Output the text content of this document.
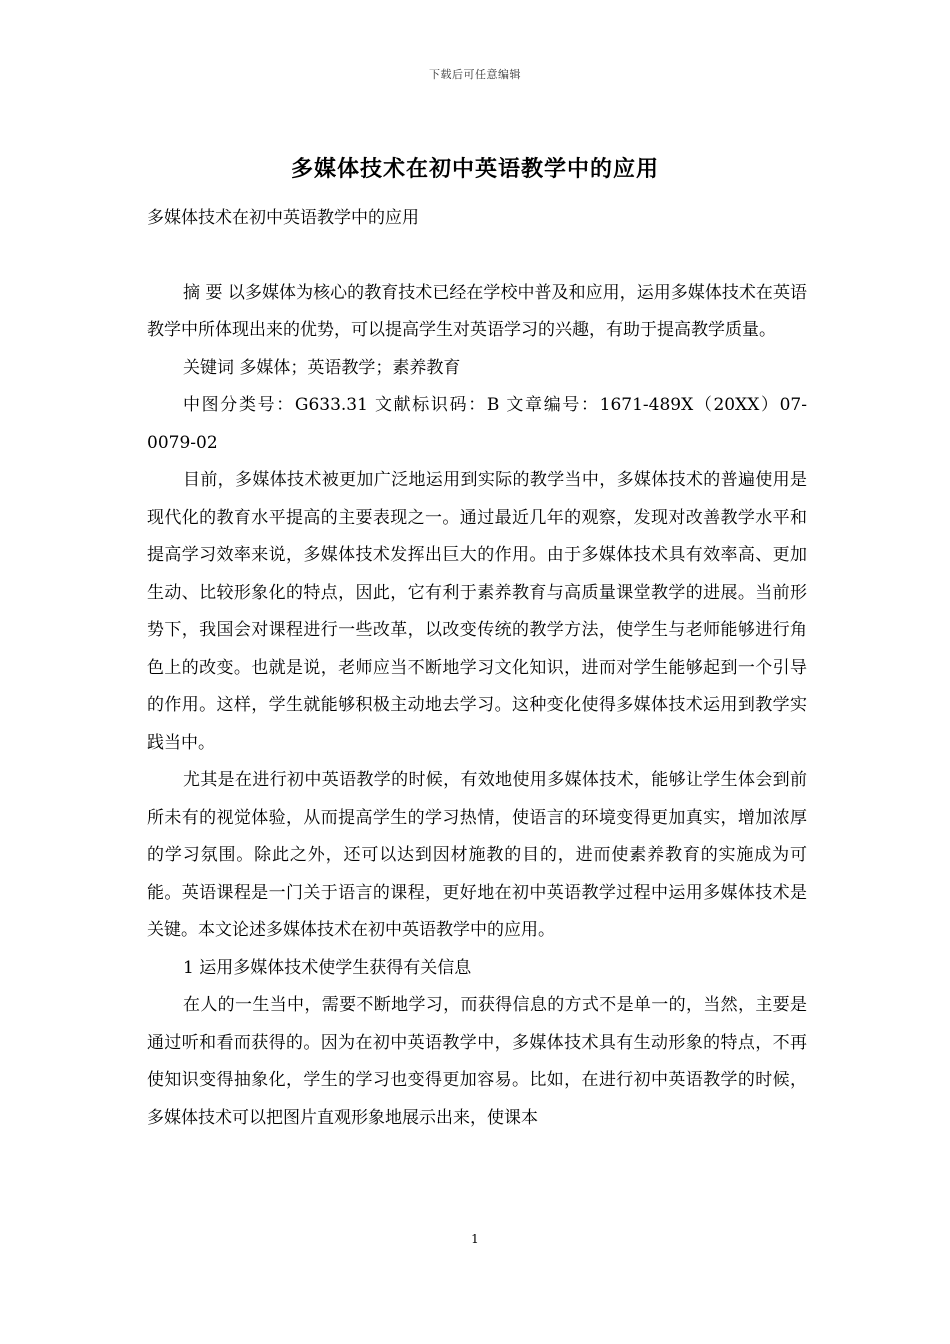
下载后可任意编辑
多媒体技术在初中英语教学中的应用

多媒体技术在初中英语教学中的应用

摘 要 以多媒体为核心的教育技术已经在学校中普及和应用，运用多媒体技术在英语教学中所体现出来的优势，可以提高学生对英语学习的兴趣，有助于提高教学质量。

关键词 多媒体；英语教学；素养教育

中图分类号：G633.31 文献标识码：B 文章编号：1671-489X（20XX）07-0079-02

目前，多媒体技术被更加广泛地运用到实际的教学当中，多媒体技术的普遍使用是现代化的教育水平提高的主要表现之一。通过最近几年的观察，发现对改善教学水平和提高学习效率来说，多媒体技术发挥出巨大的作用。由于多媒体技术具有效率高、更加生动、比较形象化的特点，因此，它有利于素养教育与高质量课堂教学的进展。当前形势下，我国会对课程进行一些改革，以改变传统的教学方法，使学生与老师能够进行角色上的改变。也就是说，老师应当不断地学习文化知识，进而对学生能够起到一个引导的作用。这样，学生就能够积极主动地去学习。这种变化使得多媒体技术运用到教学实践当中。

尤其是在进行初中英语教学的时候，有效地使用多媒体技术，能够让学生体会到前所未有的视觉体验，从而提高学生的学习热情，使语言的环境变得更加真实，增加浓厚的学习氛围。除此之外，还可以达到因材施教的目的，进而使素养教育的实施成为可能。英语课程是一门关于语言的课程，更好地在初中英语教学过程中运用多媒体技术是关键。本文论述多媒体技术在初中英语教学中的应用。

1 运用多媒体技术使学生获得有关信息

在人的一生当中，需要不断地学习，而获得信息的方式不是单一的，当然，主要是通过听和看而获得的。因为在初中英语教学中，多媒体技术具有生动形象的特点，不再使知识变得抽象化，学生的学习也变得更加容易。比如，在进行初中英语教学的时候，多媒体技术可以把图片直观形象地展示出来，使课本

1
